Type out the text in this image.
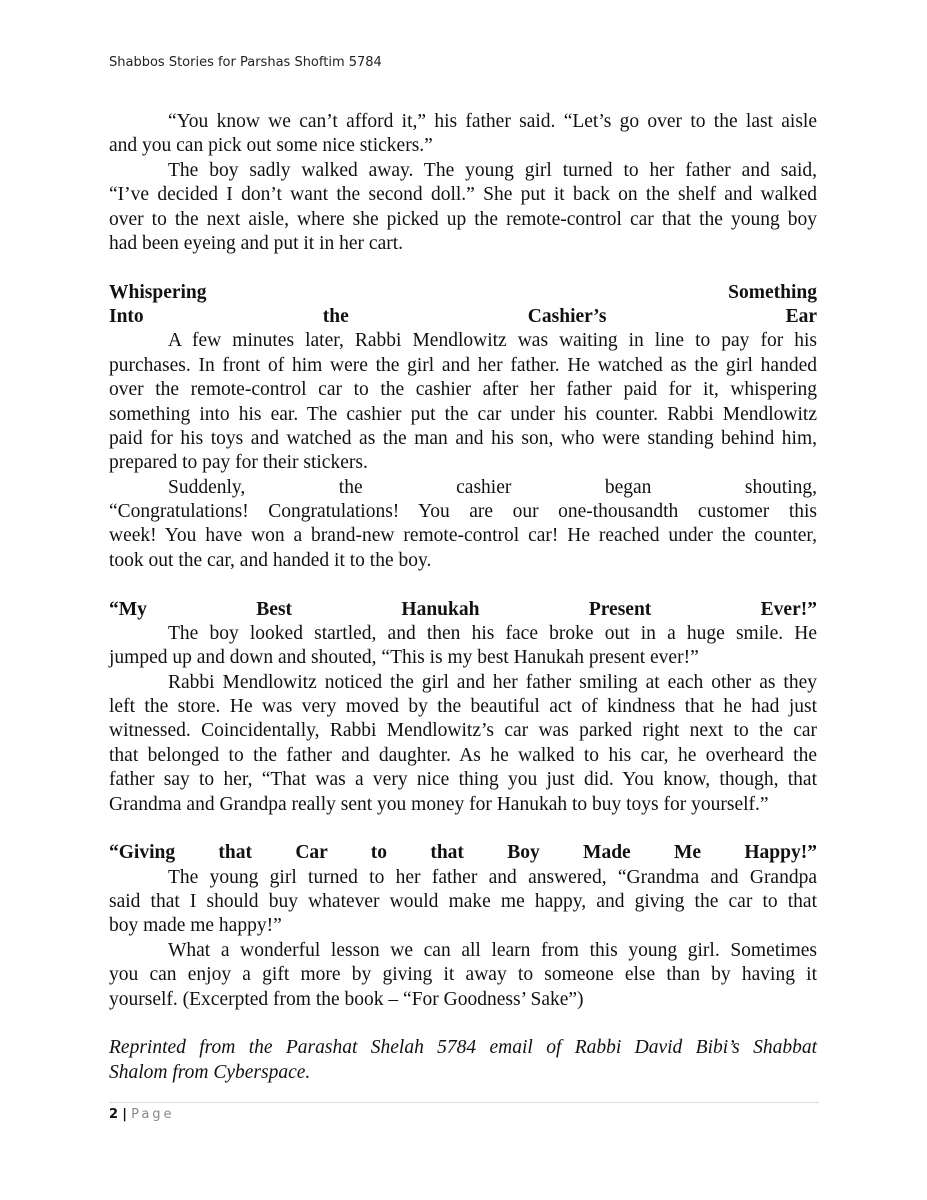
Shabbos Stories for Parshas Shoftim 5784
“You know we can’t afford it,” his father said. “Let’s go over to the last aisle
and you can pick out some nice stickers.”
The boy sadly walked away. The young girl turned to her father and said,
“I’ve decided I don’t want the second doll.” She put it back on the shelf and walked
over to the next aisle, where she picked up the remote-control car that the young boy
had been eyeing and put it in her cart.
Whispering Something
Into the Cashier’s Ear
A few minutes later, Rabbi Mendlowitz was waiting in line to pay for his
purchases. In front of him were the girl and her father. He watched as the girl handed
over the remote-control car to the cashier after her father paid for it, whispering
something into his ear. The cashier put the car under his counter. Rabbi Mendlowitz
paid for his toys and watched as the man and his son, who were standing behind him,
prepared to pay for their stickers.
Suddenly, the cashier began shouting,
“Congratulations! Congratulations! You are our one-thousandth customer this
week! You have won a brand-new remote-control car! He reached under the counter,
took out the car, and handed it to the boy.
“My Best Hanukah Present Ever!”
The boy looked startled, and then his face broke out in a huge smile. He
jumped up and down and shouted, “This is my best Hanukah present ever!”
Rabbi Mendlowitz noticed the girl and her father smiling at each other as they
left the store. He was very moved by the beautiful act of kindness that he had just
witnessed. Coincidentally, Rabbi Mendlowitz’s car was parked right next to the car
that belonged to the father and daughter. As he walked to his car, he overheard the
father say to her, “That was a very nice thing you just did. You know, though, that
Grandma and Grandpa really sent you money for Hanukah to buy toys for yourself.”
“Giving that Car to that Boy Made Me Happy!”
The young girl turned to her father and answered, “Grandma and Grandpa
said that I should buy whatever would make me happy, and giving the car to that
boy made me happy!”
What a wonderful lesson we can all learn from this young girl. Sometimes
you can enjoy a gift more by giving it away to someone else than by having it
yourself. (Excerpted from the book – “For Goodness’ Sake”)
Reprinted from the Parashat Shelah 5784 email of Rabbi David Bibi’s Shabbat
Shalom from Cyberspace.
2 | Page
